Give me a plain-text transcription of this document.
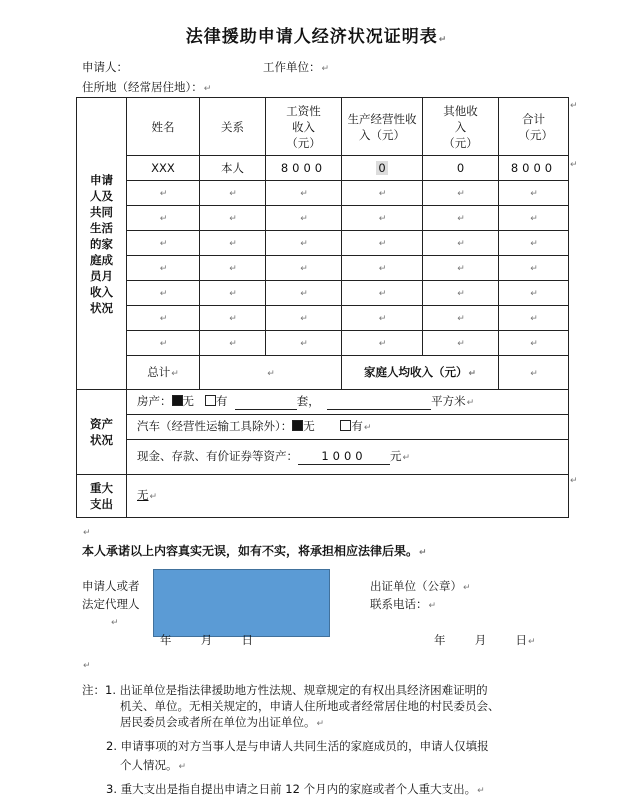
法律援助申请人经济状况证明表↵
申请人：	工作单位：↵
住所地（经常居住地）：↵
申请人及共同生活的家庭成员月收入状况	姓名	关系	工资性收入（元）	生产经营性收入（元）	其他收入（元）	合计（元）
	XXX	本人	8000	0	0	8000
	↵	↵	↵	↵	↵	↵
	↵	↵	↵	↵	↵	↵
	↵	↵	↵	↵	↵	↵
	↵	↵	↵	↵	↵	↵
	↵	↵	↵	↵	↵	↵
	↵	↵	↵	↵	↵	↵
	↵	↵	↵	↵	↵	↵
	总计↵	↵		家庭人均收入（元）↵		↵
资产状况	房产： 无 有 套， 平方米↵					
	汽车（经营性运输工具除外）： 无 有↵					
	现金、存款、有价证券等资产： 1000 元↵					
重大支出	无↵					
↵
↵
↵
↵
本人承诺以上内容真实无误，如有不实，将承担相应法律后果。↵
申请人或者
法定代理人
↵
出证单位（公章）↵
联系电话：↵
年	月	日	年	月	日↵
↵
注：1. 出证单位是指法律援助地方性法规、规章规定的有权出具经济困难证明的
机关、单位。无相关规定的，申请人住所地或者经常居住地的村民委员会、
居民委员会或者所在单位为出证单位。↵
2. 申请事项的对方当事人是与申请人共同生活的家庭成员的，申请人仅填报
个人情况。↵
3. 重大支出是指自提出申请之日前 12 个月内的家庭或者个人重大支出。↵
